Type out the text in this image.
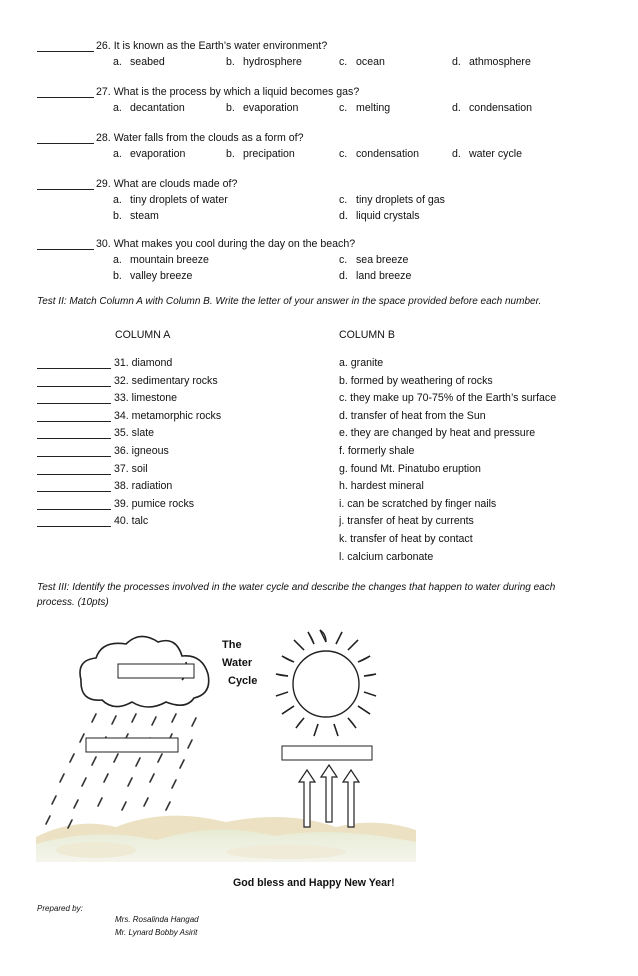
26. It is known as the Earth’s water environment?
a. seabed	b. hydrosphere	c. ocean	d. athmosphere
27. What is the process by which a liquid becomes gas?
a. decantation	b. evaporation	c. melting	d. condensation
28. Water falls from the clouds as a form of?
a. evaporation	b. precipation	c. condensation	d. water cycle
29. What are clouds made of?
a. tiny droplets of water
b. steam
c. tiny droplets of gas
d. liquid crystals
30. What makes you cool during the day on the beach?
a. mountain breeze
b. valley breeze
c. sea breeze
d. land breeze
Test II: Match Column A with Column B. Write the letter of your answer in the space provided before each number.
COLUMN A	COLUMN B
31. diamond
32. sedimentary rocks
33. limestone
34. metamorphic rocks
35. slate
36. igneous
37. soil
38. radiation
39. pumice rocks
40. talc
a. granite
b. formed by weathering of rocks
c. they make up 70-75% of the Earth’s surface
d. transfer of heat from the Sun
e. they are changed by heat and pressure
f. formerly shale
g. found Mt. Pinatubo eruption
h. hardest mineral
i. can be scratched by finger nails
j. transfer of heat by currents
k. transfer of heat by contact
l. calcium carbonate
Test III: Identify the processes involved in the water cycle and describe the changes that happen to water during each
process. (10pts)
The
Water
Cycle
God bless and Happy New Year!
Prepared by:
Mrs. Rosalinda Hangad
Mr. Lynard Bobby Asirit
